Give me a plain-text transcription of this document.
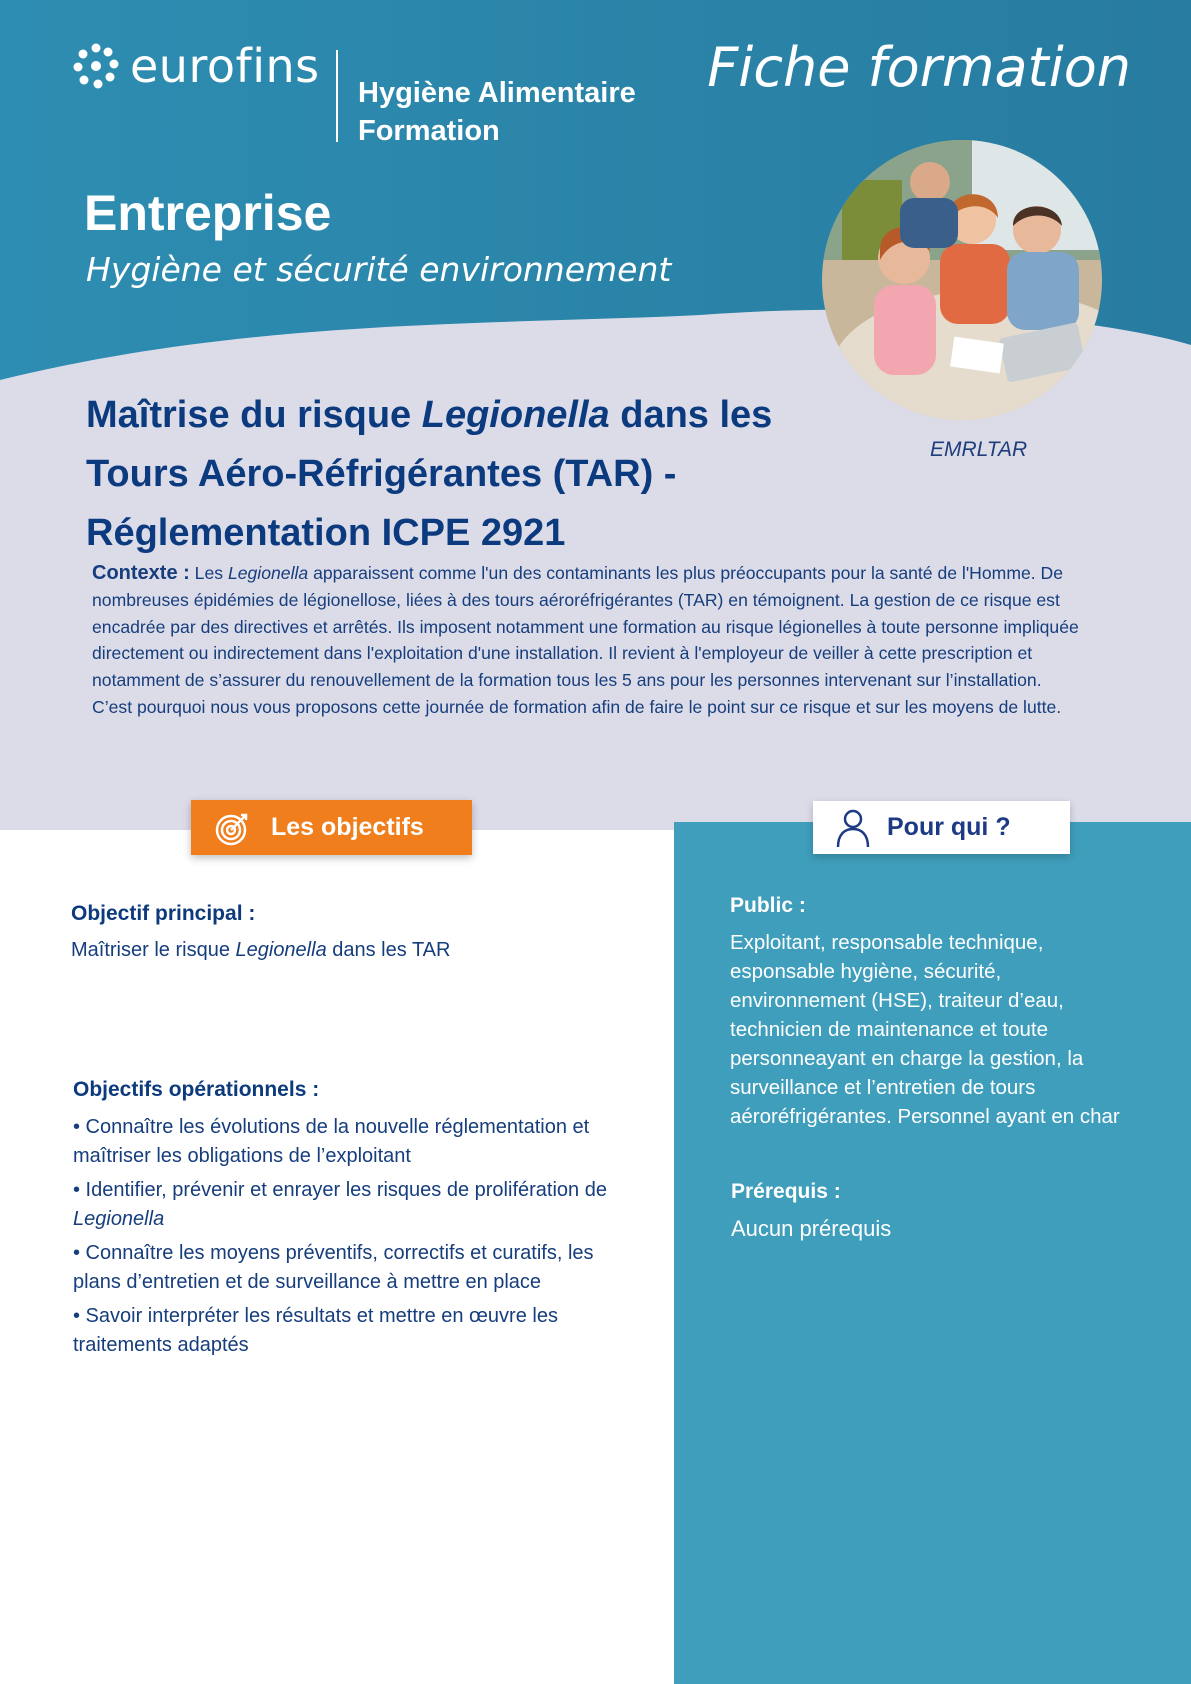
eurofins Hygiène Alimentaire
Formation
Fiche formation
Entreprise
Hygiène et sécurité environnement
EMRLTAR
Maîtrise du risque Legionella dans les
Tours Aéro-Réfrigérantes (TAR) -
Réglementation ICPE 2921
Contexte : Les Legionella apparaissent comme l'un des contaminants les plus préoccupants pour la santé de l'Homme. De nombreuses épidémies de légionellose, liées à des tours aéroréfrigérantes (TAR) en témoignent. La gestion de ce risque est encadrée par des directives et arrêtés. Ils imposent notamment une formation au risque légionelles à toute personne impliquée directement ou indirectement dans l'exploitation d'une installation. Il revient à l'employeur de veiller à cette prescription et notamment de s’assurer du renouvellement de la formation tous les 5 ans pour les personnes intervenant sur l’installation.
C’est pourquoi nous vous proposons cette journée de formation afin de faire le point sur ce risque et sur les moyens de lutte.
Les objectifs	Pour qui ?
Objectif principal :
Maîtriser le risque Legionella dans les TAR
Objectifs opérationnels :
• Connaître les évolutions de la nouvelle réglementation et maîtriser les obligations de l’exploitant
• Identifier, prévenir et enrayer les risques de prolifération de Legionella
• Connaître les moyens préventifs, correctifs et curatifs, les plans d’entretien et de surveillance à mettre en place
• Savoir interpréter les résultats et mettre en œuvre les traitements adaptés
Public :
Exploitant, responsable technique, esponsable hygiène, sécurité, environnement (HSE), traiteur d’eau, technicien de maintenance et toute personneayant en charge la gestion, la surveillance et l’entretien de tours aéroréfrigérantes. Personnel ayant en char
Prérequis :
Aucun prérequis
